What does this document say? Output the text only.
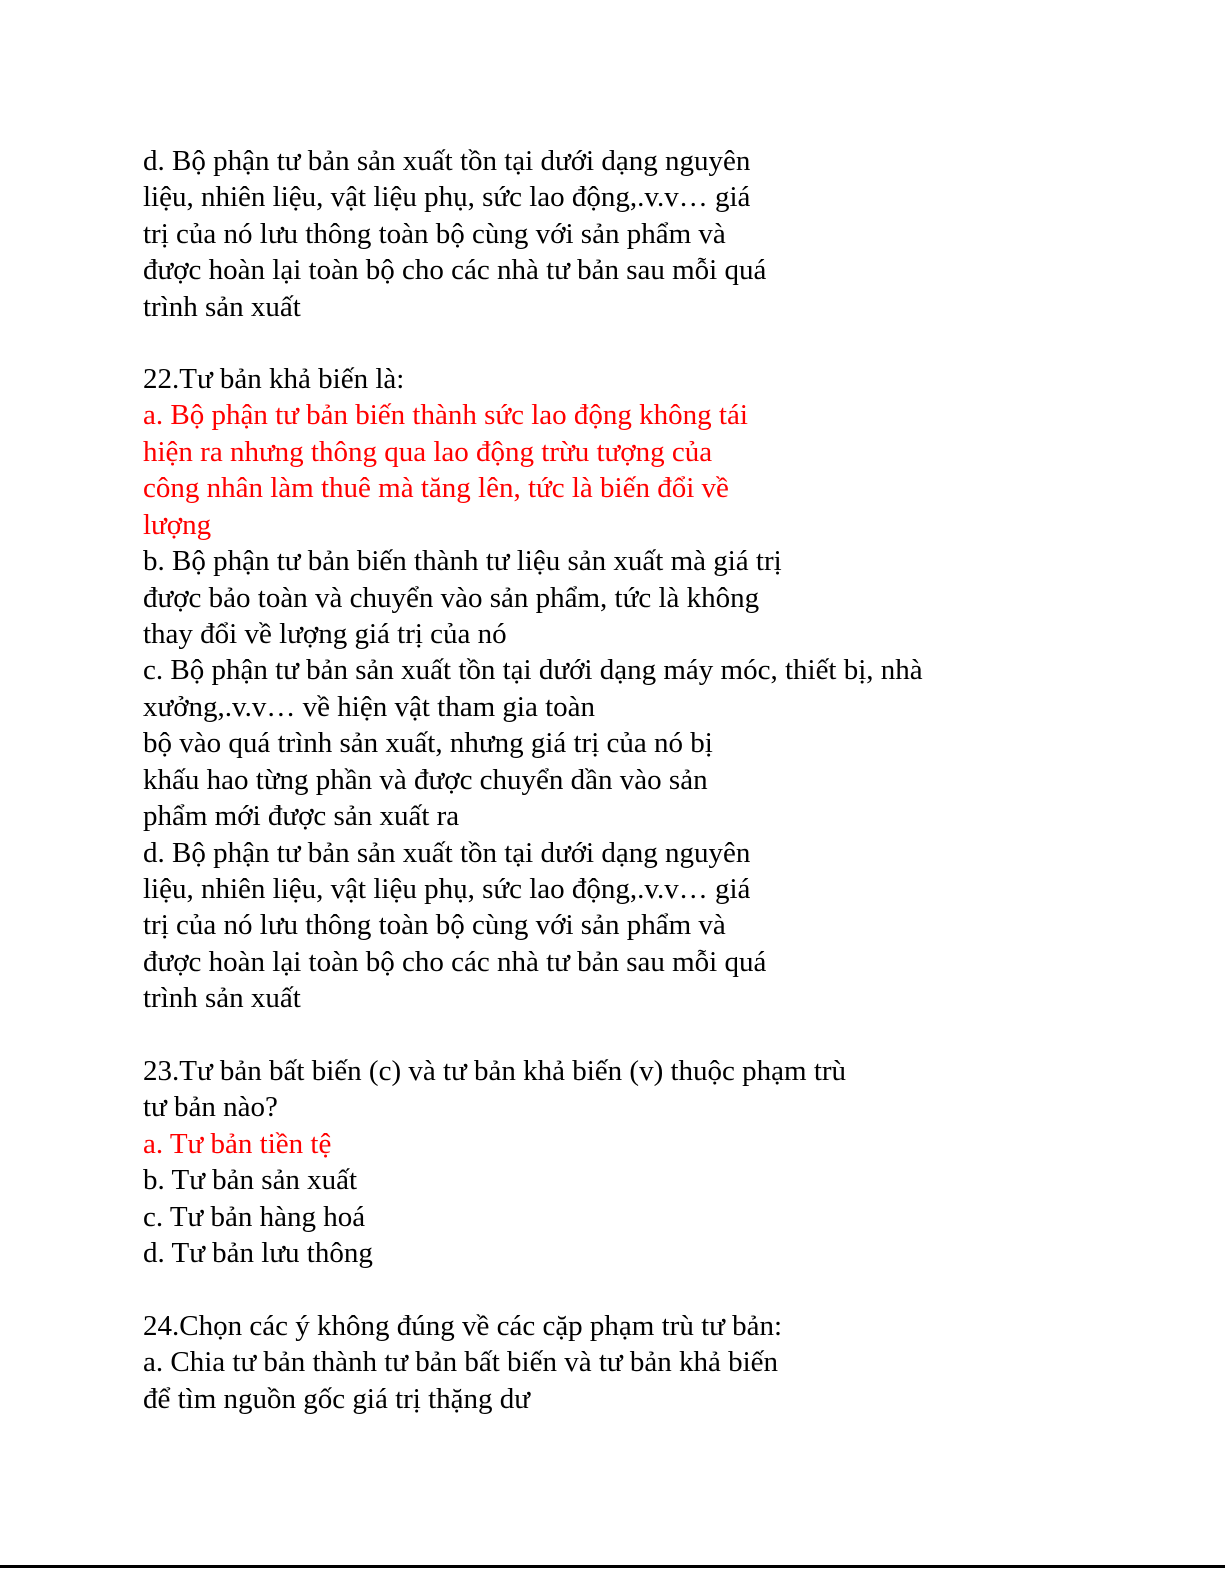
d. Bộ phận tư bản sản xuất tồn tại dưới dạng nguyên
liệu, nhiên liệu, vật liệu phụ, sức lao động,.v.v… giá
trị của nó lưu thông toàn bộ cùng với sản phẩm và
được hoàn lại toàn bộ cho các nhà tư bản sau mỗi quá
trình sản xuất
22.Tư bản khả biến là:
a. Bộ phận tư bản biến thành sức lao động không tái
hiện ra nhưng thông qua lao động trừu tượng của
công nhân làm thuê mà tăng lên, tức là biến đổi về
lượng
b. Bộ phận tư bản biến thành tư liệu sản xuất mà giá trị
được bảo toàn và chuyển vào sản phẩm, tức là không
thay đổi về lượng giá trị của nó
c. Bộ phận tư bản sản xuất tồn tại dưới dạng máy móc, thiết bị, nhà
xưởng,.v.v… về hiện vật tham gia toàn
bộ vào quá trình sản xuất, nhưng giá trị của nó bị
khấu hao từng phần và được chuyển dần vào sản
phẩm mới được sản xuất ra
d. Bộ phận tư bản sản xuất tồn tại dưới dạng nguyên
liệu, nhiên liệu, vật liệu phụ, sức lao động,.v.v… giá
trị của nó lưu thông toàn bộ cùng với sản phẩm và
được hoàn lại toàn bộ cho các nhà tư bản sau mỗi quá
trình sản xuất
23.Tư bản bất biến (c) và tư bản khả biến (v) thuộc phạm trù
tư bản nào?
a. Tư bản tiền tệ
b. Tư bản sản xuất
c. Tư bản hàng hoá
d. Tư bản lưu thông
24.Chọn các ý không đúng về các cặp phạm trù tư bản:
a. Chia tư bản thành tư bản bất biến và tư bản khả biến
để tìm nguồn gốc giá trị thặng dư
